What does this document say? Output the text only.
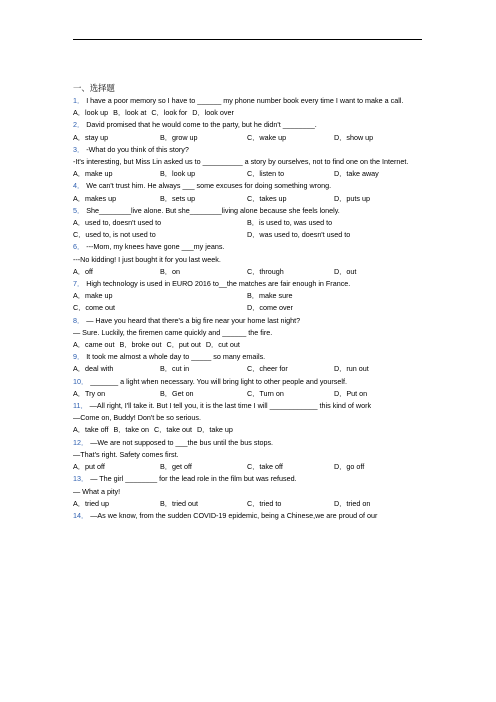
一、选择题
1． I have a poor memory so I have to ______ my phone number book every time I want to make a call.
A．look up B．look at C．look for D．look over
2． David promised that he would come to the party, but he didn't ________.
A．stay up	B．grow up	C．wake up	D．show up
3． -What do you think of this story?
-It's interesting, but Miss Lin asked us to __________ a story by ourselves, not to find one on the Internet.
A．make up	B．look up	C．listen to	D．take away
4． We can't trust him. He always ___ some excuses for doing something wrong.
A．makes up	B．sets up	C．takes up	D．puts up
5． She________live alone. But she________living alone because she feels lonely.
A．used to, doesn't used to	B．is used to, was used to
C．used to, is not used to	D．was used to, doesn't used to
6． ---Mom, my knees have gone ___my jeans.
---No kidding! I just bought it for you last week.
A．off	B．on	C．through	D．out
7． High technology is used in EURO 2016 to__the matches are fair enough in France.
A．make up	B．make sure
C．come out	D．come over
8． — Have you heard that there's a big fire near your home last night?
— Sure. Luckily, the firemen came quickly and ______ the fire.
A．came out B．broke out C．put out D．cut out
9． It took me almost a whole day to _____ so many emails.
A．deal with	B．cut in	C．cheer for	D．run out
10． _______ a light when necessary. You will bring light to other people and yourself.
A．Try on	B．Get on	C．Turn on	D．Put on
11． —All right, I'll take it. But I tell you, it is the last time I will ____________ this kind of work
—Come on, Buddy! Don't be so serious.
A．take off B．take on C．take out D．take up
12． —We are not supposed to ___the bus until the bus stops.
—That's right. Safety comes first.
A．put off	B．get off	C．take off	D．go off
13． — The girl ________ for the lead role in the film but was refused.
— What a pity!
A．tried up	B．tried out	C．tried to	D．tried on
14． —As we know, from the sudden COVID-19 epidemic, being a Chinese,we are proud of our
